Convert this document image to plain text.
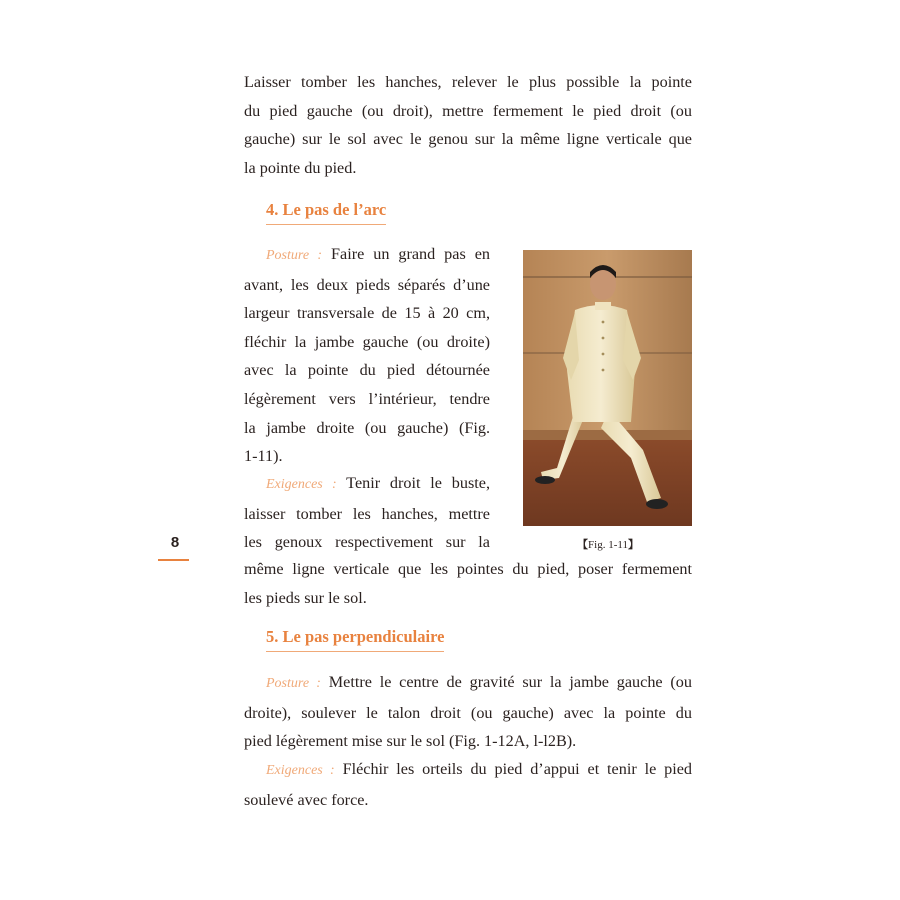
Laisser tomber les hanches, relever le plus possible la pointe
du pied gauche (ou droit), mettre fermement le pied droit (ou
gauche) sur le sol avec le genou sur la même ligne verticale que
la pointe du pied.
4. Le pas de l’arc
Posture : Faire un grand pas en
avant, les deux pieds séparés d’une
largeur transversale de 15 à 20 cm,
fléchir la jambe gauche (ou droite)
avec la pointe du pied détournée
légèrement vers l’intérieur, tendre
la jambe droite (ou gauche) (Fig.
1-11).
Exigences : Tenir droit le buste,
laisser tomber les hanches, mettre
les genoux respectivement sur la
même ligne verticale que les pointes du pied, poser fermement
les pieds sur le sol.
【Fig. 1-11】
8
5. Le pas perpendiculaire
Posture : Mettre le centre de gravité sur la jambe gauche (ou
droite), soulever le talon droit (ou gauche) avec la pointe du
pied légèrement mise sur le sol (Fig. 1-12A, l-l2B).
Exigences : Fléchir les orteils du pied d’appui et tenir le pied
soulevé avec force.
